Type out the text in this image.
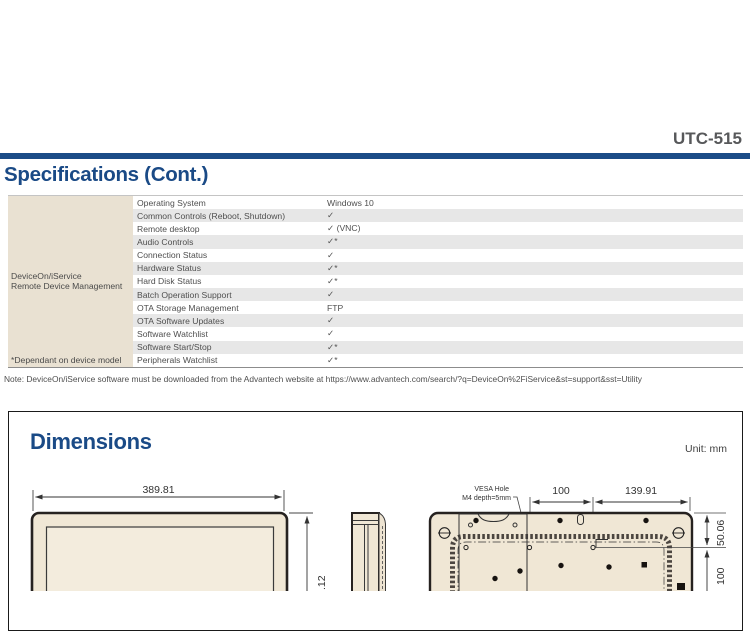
UTC-515
Specifications (Cont.)
DeviceOn/iService
Remote Device Management
*Dependant on device model
Operating System	Windows 10
Common Controls (Reboot, Shutdown)	✓
Remote desktop	✓ (VNC)
Audio Controls	✓*
Connection Status	✓
Hardware Status	✓*
Hard Disk Status	✓*
Batch Operation Support	✓
OTA Storage Management	FTP
OTA Software Updates	✓
Software Watchlist	✓
Software Start/Stop	✓*
Peripherals Watchlist	✓*
Note: DeviceOn/iService software must be downloaded from the Advantech website at https://www.advantech.com/search/?q=DeviceOn%2FiService&st=support&sst=Utility
Dimensions	Unit: mm
389.81
.12
100	139.91
VESA Hole
M4 depth=5mm
50.06
100
